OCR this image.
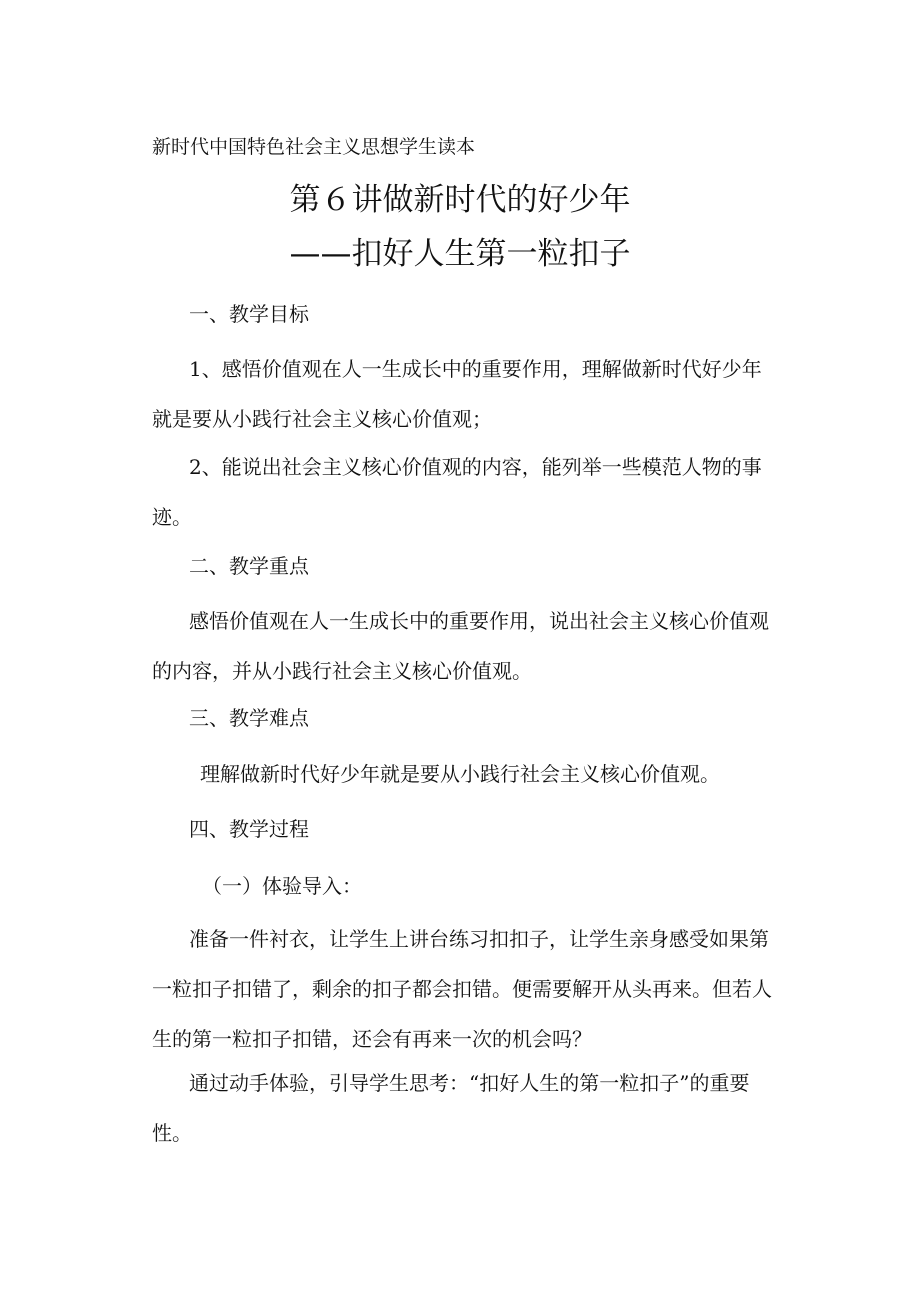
新时代中国特色社会主义思想学生读本
第６讲做新时代的好少年
——扣好人生第一粒扣子
一、教学目标
1、感悟价值观在人一生成长中的重要作用，理解做新时代好少年就是要从小践行社会主义核心价值观；
2、能说出社会主义核心价值观的内容，能列举一些模范人物的事迹。
二、教学重点
感悟价值观在人一生成长中的重要作用，说出社会主义核心价值观的内容，并从小践行社会主义核心价值观。
三、教学难点
理解做新时代好少年就是要从小践行社会主义核心价值观。
四、教学过程
（一）体验导入：
准备一件衬衣，让学生上讲台练习扣扣子，让学生亲身感受如果第一粒扣子扣错了，剩余的扣子都会扣错。便需要解开从头再来。但若人生的第一粒扣子扣错，还会有再来一次的机会吗？
通过动手体验，引导学生思考：“扣好人生的第一粒扣子”的重要性。
